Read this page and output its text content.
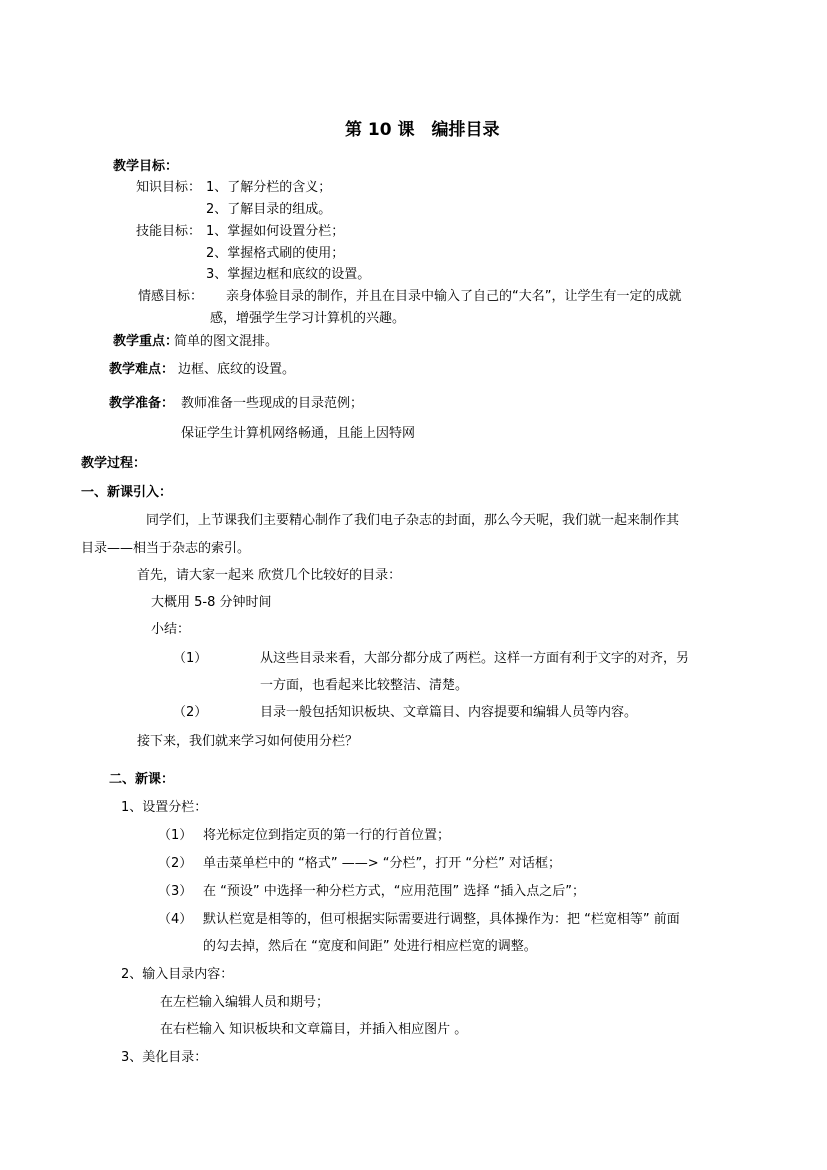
第 10 课　编排目录
教学目标：
知识目标： 1、了解分栏的含义；
2、了解目录的组成。
技能目标： 1、掌握如何设置分栏；
2、掌握格式刷的使用；
3、掌握边框和底纹的设置。
情感目标： 亲身体验目录的制作，并且在目录中输入了自己的“大名”，让学生有一定的成就
感，增强学生学习计算机的兴趣。
教学重点：
简单的图文混排。
教学难点： 边框、底纹的设置。
教学准备： 教师准备一些现成的目录范例；
保证学生计算机网络畅通，且能上因特网
教学过程：
一、新课引入：
同学们，上节课我们主要精心制作了我们电子杂志的封面，那么今天呢，我们就一起来制作其
目录——相当于杂志的索引。
首先，请大家一起来 欣赏几个比较好的目录：
大概用 5-8 分钟时间
小结：
（1）	从这些目录来看，大部分都分成了两栏。这样一方面有利于文字的对齐，另
一方面，也看起来比较整洁、清楚。
（2）	目录一般包括知识板块、文章篇目、内容提要和编辑人员等内容。
接下来，我们就来学习如何使用分栏？
二、新课：
1、设置分栏：
（1） 将光标定位到指定页的第一行的行首位置；
（2） 单击菜单栏中的 “格式” ——> “分栏”，打开 “分栏” 对话框；
（3） 在 “预设” 中选择一种分栏方式，“应用范围” 选择 “插入点之后”；
（4） 默认栏宽是相等的，但可根据实际需要进行调整，具体操作为：把 “栏宽相等” 前面
的勾去掉，然后在 “宽度和间距” 处进行相应栏宽的调整。
2、输入目录内容：
在左栏输入编辑人员和期号；
在右栏输入 知识板块和文章篇目，并插入相应图片 。
3、美化目录：
